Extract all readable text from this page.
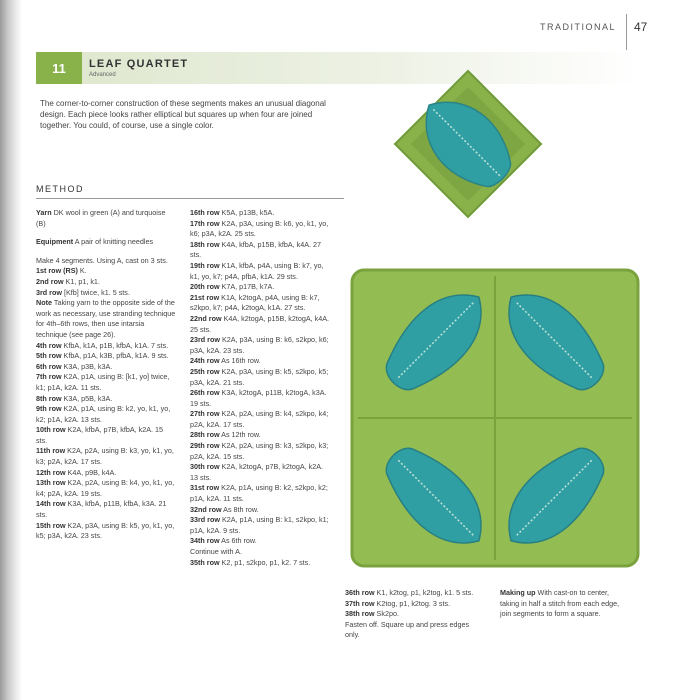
TRADITIONAL 47
11	LEAF QUARTET
Advanced

The corner-to-corner construction of these segments makes an unusual diagonal design. Each piece looks rather elliptical but squares up when four are joined together. You could, of course, use a single color.

METHOD

Yarn DK wool in green (A) and turquoise (B)

Equipment A pair of knitting needles

Make 4 segments. Using A, cast on 3 sts.

1st row (RS) K.

2nd row K1, p1, k1.

3rd row [Kfb] twice, k1. 5 sts.

Note Taking yarn to the opposite side of the work as necessary, use stranding technique for 4th–6th rows, then use intarsia technique (see page 26).

4th row KfbA, k1A, p1B, kfbA, k1A. 7 sts.

5th row KfbA, p1A, k3B, pfbA, k1A. 9 sts.

6th row K3A, p3B, k3A.

7th row K2A, p1A, using B: [k1, yo] twice, k1; p1A, k2A. 11 sts.

8th row K3A, p5B, k3A.

9th row K2A, p1A, using B: k2, yo, k1, yo, k2; p1A, k2A. 13 sts.

10th row K2A, kfbA, p7B, kfbA, k2A. 15 sts.

11th row K2A, p2A, using B: k3, yo, k1, yo, k3; p2A, k2A. 17 sts.

12th row K4A, p9B, k4A.

13th row K2A, p2A, using B: k4, yo, k1, yo, k4; p2A, k2A. 19 sts.

14th row K3A, kfbA, p11B, kfbA, k3A. 21 sts.

15th row K2A, p3A, using B: k5, yo, k1, yo, k5; p3A, k2A. 23 sts.

16th row K5A, p13B, k5A.

17th row K2A, p3A, using B: k6, yo, k1, yo, k6; p3A, k2A. 25 sts.

18th row K4A, kfbA, p15B, kfbA, k4A. 27 sts.

19th row K1A, kfbA, p4A, using B: k7, yo, k1, yo, k7; p4A, pfbA, k1A. 29 sts.

20th row K7A, p17B, k7A.

21st row K1A, k2togA, p4A, using B: k7, s2kpo, k7; p4A, k2togA, k1A. 27 sts.

22nd row K4A, k2togA, p15B, k2togA, k4A. 25 sts.

23rd row K2A, p3A, using B: k6, s2kpo, k6; p3A, k2A. 23 sts.

24th row As 16th row.

25th row K2A, p3A, using B: k5, s2kpo, k5; p3A, k2A. 21 sts.

26th row K3A, k2togA, p11B, k2togA, k3A. 19 sts.

27th row K2A, p2A, using B: k4, s2kpo, k4; p2A, k2A. 17 sts.

28th row As 12th row.

29th row K2A, p2A, using B: k3, s2kpo, k3; p2A, k2A. 15 sts.

30th row K2A, k2togA, p7B, k2togA, k2A. 13 sts.

31st row K2A, p1A, using B: k2, s2kpo, k2; p1A, k2A. 11 sts.

32nd row As 8th row.

33rd row K2A, p1A, using B: k1, s2kpo, k1; p1A, k2A. 9 sts.

34th row As 6th row.

Continue with A.

35th row K2, p1, s2kpo, p1, k2. 7 sts.

36th row K1, k2tog, p1, k2tog, k1. 5 sts.

37th row K2tog, p1, k2tog. 3 sts.

38th row Sk2po.

Fasten off. Square up and press edges only.

Making up With cast-on to center, taking in half a stitch from each edge, join segments to form a square.
